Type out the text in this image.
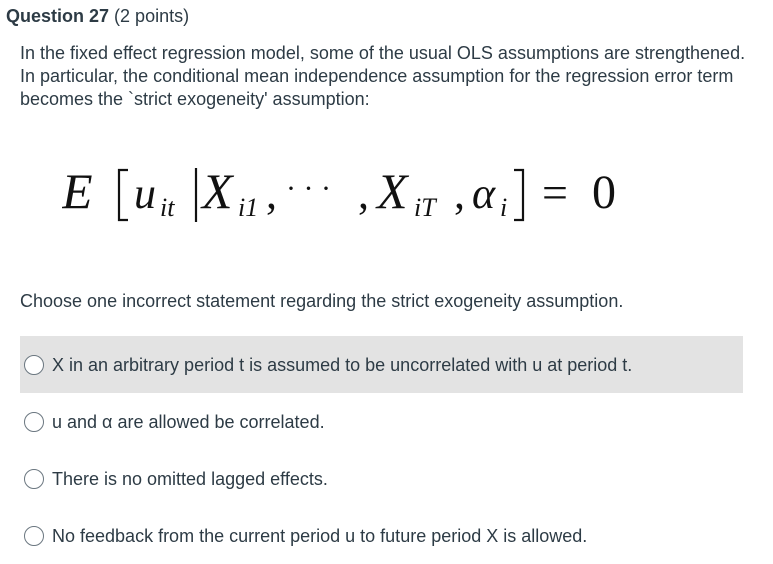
Question 27 (2 points)
In the fixed effect regression model, some of the usual OLS assumptions are strengthened. In particular, the conditional mean independence assumption for the regression error term becomes the `strict exogeneity' assumption:
E u it X i1 , · · · , X iT , α i = 0
Choose one incorrect statement regarding the strict exogeneity assumption.
X in an arbitrary period t is assumed to be uncorrelated with u at period t.
u and α are allowed be correlated.
There is no omitted lagged effects.
No feedback from the current period u to future period X is allowed.
